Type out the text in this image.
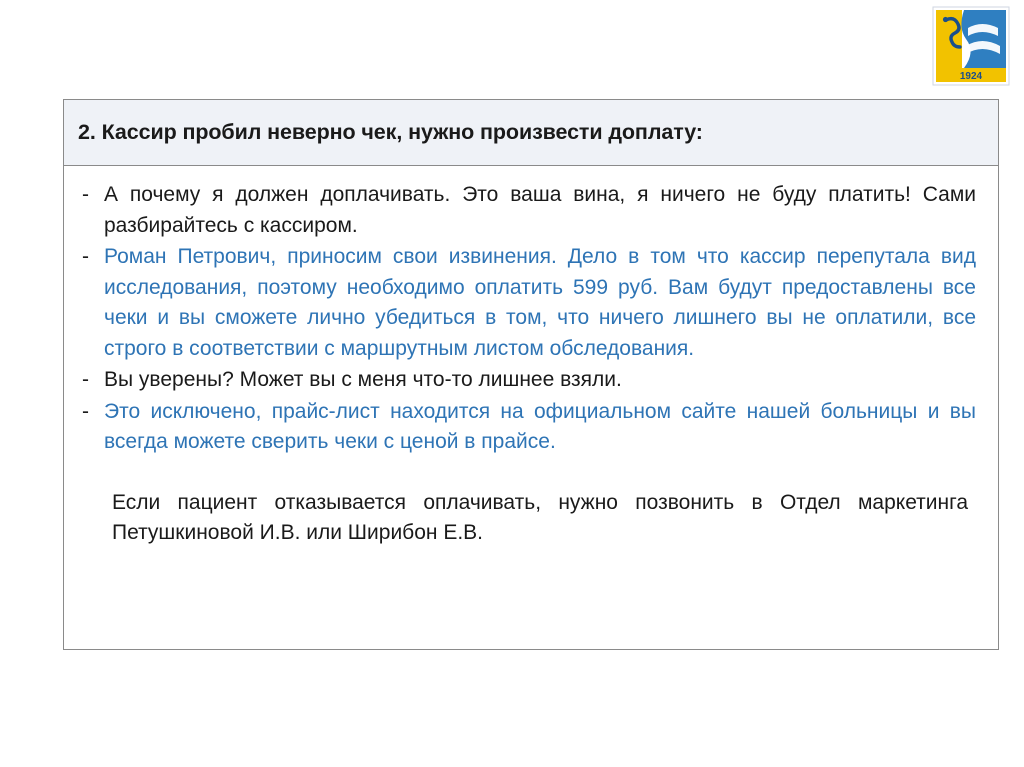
1924
2. Кассир пробил неверно чек, нужно произвести доплату:
- А почему я должен доплачивать. Это ваша вина, я ничего не буду платить! Сами разбирайтесь с кассиром.
- Роман Петрович, приносим свои извинения. Дело в том что кассир перепутала вид исследования, поэтому необходимо оплатить 599 руб. Вам будут предоставлены все чеки и вы сможете лично убедиться в том, что ничего лишнего вы не оплатили, все строго в соответствии с маршрутным листом обследования.
- Вы уверены? Может вы с меня что-то лишнее взяли.
- Это исключено, прайс-лист находится на официальном сайте нашей больницы и вы всегда можете сверить чеки с ценой в прайсе.
Если пациент отказывается оплачивать, нужно позвонить в Отдел маркетинга Петушкиновой И.В. или Ширибон Е.В.
